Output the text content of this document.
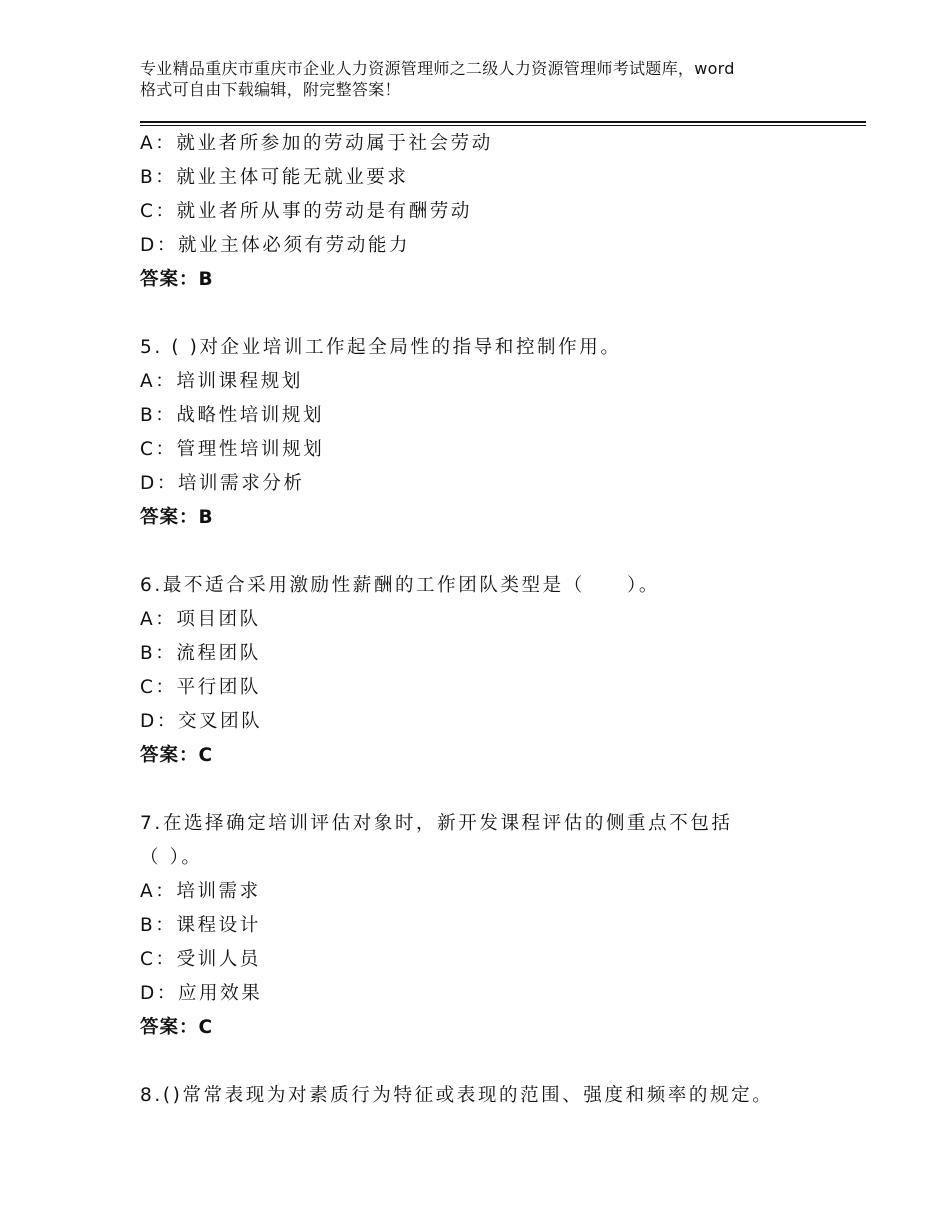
专业精品重庆市重庆市企业人力资源管理师之二级人力资源管理师考试题库，word
格式可自由下载编辑，附完整答案！
A：就业者所参加的劳动属于社会劳动
B：就业主体可能无就业要求
C：就业者所从事的劳动是有酬劳动
D：就业主体必须有劳动能力
答案：B
5. ( )对企业培训工作起全局性的指导和控制作用。
A：培训课程规划
B：战略性培训规划
C：管理性培训规划
D：培训需求分析
答案：B
6.最不适合采用激励性薪酬的工作团队类型是（　　）。
A：项目团队
B：流程团队
C：平行团队
D：交叉团队
答案：C
7.在选择确定培训评估对象时，新开发课程评估的侧重点不包括
（ ）。
A：培训需求
B：课程设计
C：受训人员
D：应用效果
答案：C
8.()常常表现为对素质行为特征或表现的范围、强度和频率的规定。
